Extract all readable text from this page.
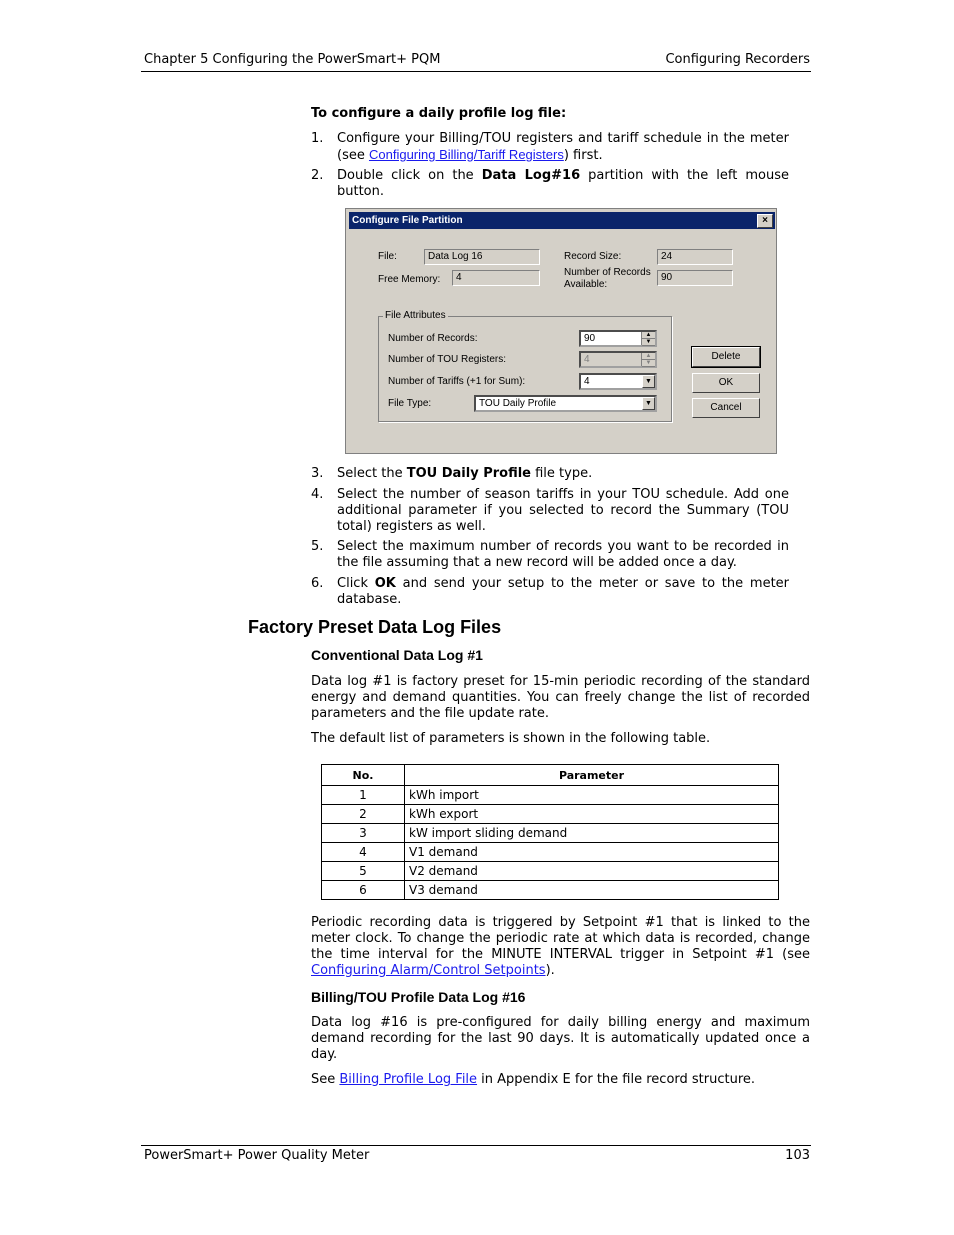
Chapter 5 Configuring the PowerSmart+ PQM	Configuring Recorders
To configure a daily profile log file:
1. Configure your Billing/TOU registers and tariff schedule in the meter (see Configuring Billing/Tariff Registers) first.
2. Double click on the Data Log#16 partition with the left mouse button.
Configure File Partition	×
File:	Data Log 16
Free Memory:	4
Record Size:	24
Number of Records
Available:
90
File Attributes
Number of Records:	90	▲
▼
Number of TOU Registers:	4	▲
▼
Number of Tariffs (+1 for Sum):	4	▼
File Type:	TOU Daily Profile	▼
Delete
OK
Cancel
3. Select the TOU Daily Profile file type.
4. Select the number of season tariffs in your TOU schedule. Add one additional parameter if you selected to record the Summary (TOU total) registers as well.
5. Select the maximum number of records you want to be recorded in the file assuming that a new record will be added once a day.
6. Click OK and send your setup to the meter or save to the meter database.
Factory Preset Data Log Files
Conventional Data Log #1
Data log #1 is factory preset for 15-min periodic recording of the standard energy and demand quantities. You can freely change the list of recorded parameters and the file update rate.
The default list of parameters is shown in the following table.
No.	Parameter
1	kWh import
2	kWh export
3	kW import sliding demand
4	V1 demand
5	V2 demand
6	V3 demand
Periodic recording data is triggered by Setpoint #1 that is linked to the meter clock. To change the periodic rate at which data is recorded, change the time interval for the MINUTE INTERVAL trigger in Setpoint #1 (see Configuring Alarm/Control Setpoints).
Billing/TOU Profile Data Log #16
Data log #16 is pre-configured for daily billing energy and maximum demand recording for the last 90 days. It is automatically updated once a day.
See Billing Profile Log File in Appendix E for the file record structure.
PowerSmart+ Power Quality Meter	103
